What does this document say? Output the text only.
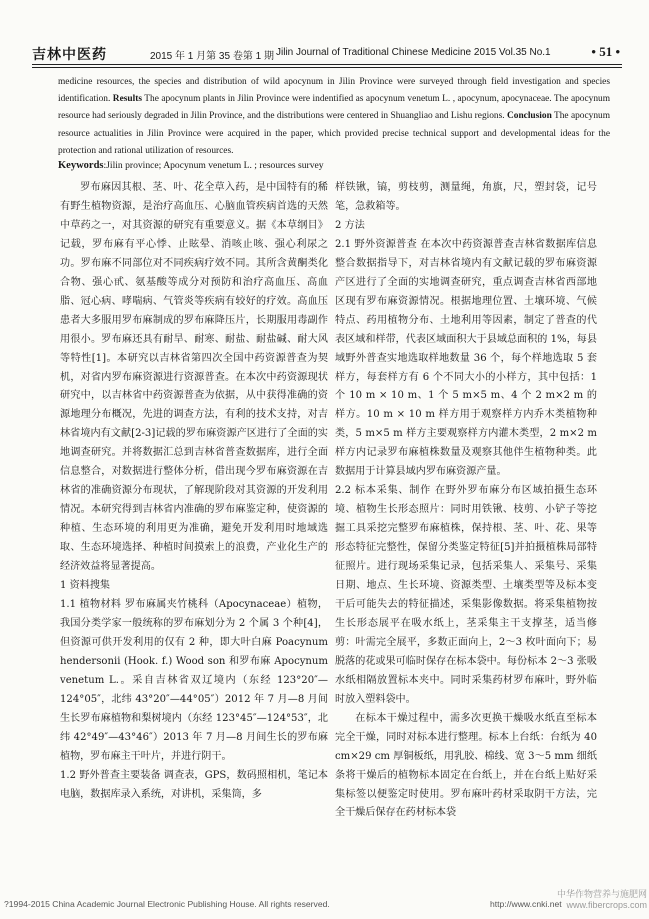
吉林中医药	2015 年 1 月第 35 卷第 1 期 Jilin Journal of Traditional Chinese Medicine 2015 Vol.35 No.1	• 51 •
medicine resources, the species and distribution of wild apocynum in Jilin Province were surveyed through field investigation and species identification. Results The apocynum plants in Jilin Province were indentified as apocynum venetum L. , apocynum, apocynaceae. The apocynum resource had seriously degraded in Jilin Province, and the distributions were centered in Shuangliao and Lishu regions. Conclusion The apocynum resource actualities in Jilin Province were acquired in the paper, which provided precise technical support and developmental ideas for the protection and rational utilization of resources.
Keywords:Jilin province; Apocynum venetum L. ; resources survey

罗布麻因其根、茎、叶、花全草入药，是中国特有的稀有野生植物资源，是治疗高血压、心脑血管疾病首选的天然中草药之一，对其资源的研究有重要意义。据《本草纲目》记载，罗布麻有平心悸、止眩晕、消咳止咳、强心利尿之功。罗布麻不同部位对不同疾病疗效不同。其所含黄酮类化合物、强心甙、氨基酸等成分对预防和治疗高血压、高血脂、冠心病、哮喘病、气管炎等疾病有较好的疗效。高血压患者大多服用罗布麻制成的罗布麻降压片，长期服用毒副作用很小。罗布麻还具有耐旱、耐寒、耐盐、耐盐碱、耐大风等特性[1]。本研究以吉林省第四次全国中药资源普查为契机，对省内罗布麻资源进行资源普查。在本次中药资源现状研究中，以吉林省中药资源普查为依据，从中获得准确的资源地理分布概况，先进的调查方法，有利的技术支持，对吉林省境内有文献[2-3]记载的罗布麻资源产区进行了全面的实地调查研究。并将数据汇总到吉林省普查数据库，进行全面信息整合，对数据进行整体分析，借出现今罗布麻资源在吉林省的准确资源分布现状，了解现阶段对其资源的开发利用情况。本研究得到吉林省内准确的罗布麻鉴定种，使资源的种植、生态环境的利用更为准确，避免开发利用时地域选取、生态环境选择、种植时间摸索上的浪费，产业化生产的经济效益将显著提高。

1 资料搜集

1.1 植物材料 罗布麻属夹竹桃科（Apocynaceae）植物，我国分类学家一般统称的罗布麻划分为 2 个属 3 个种[4]，但资源可供开发利用的仅有 2 种，即大叶白麻 Poacynum hendersonii (Hook. f.) Wood son 和罗布麻 Apocynum venetum L.。采自吉林省双辽境内（东经 123°20″—124°05″，北纬 43°20″—44°05″）2012 年 7 月—8 月间生长罗布麻植物和梨树境内（东经 123°45″—124°53″，北纬 42°49″—43°46″）2013 年 7 月—8 月间生长的罗布麻植物，罗布麻主干叶片，并进行阴干。

1.2 野外普查主要装备 调查表，GPS，数码照相机，笔记本电脑，数据库录入系统，对讲机，采集筒，多

样铁锹，镐，剪枝剪，测量绳，角旗，尺，塑封袋，记号笔，急救箱等。

2 方法

2.1 野外资源普查 在本次中药资源普查吉林省数据库信息整合数据指导下，对吉林省境内有文献记载的罗布麻资源产区进行了全面的实地调查研究，重点调查吉林省西部地区现有罗布麻资源情况。根据地理位置、土壤环境、气候特点、药用植物分布、土地利用等因素，制定了普查的代表区域和样带，代表区域面积大于县域总面积的 1%，每县域野外普查实地选取样地数量 36 个，每个样地选取 5 套样方，每套样方有 6 个不同大小的小样方，其中包括：1 个 10 m × 10 m、1 个 5 m×5 m、4 个 2 m×2 m 的样方。10 m × 10 m 样方用于观察样方内乔木类植物种类，5 m×5 m 样方主要观察样方内灌木类型，2 m×2 m 样方内记录罗布麻植株数量及观察其他伴生植物种类。此数据用于计算县域内罗布麻资源产量。

2.2 标本采集、制作 在野外罗布麻分布区域拍摄生态环境、植物生长形态照片：同时用铁锹、枝剪、小铲子等挖掘工具采挖完整罗布麻植株，保持根、茎、叶、花、果等形态特征完整性，保留分类鉴定特征[5]并拍摄植株局部特征照片。进行现场采集记录，包括采集人、采集号、采集日期、地点、生长环境、资源类型、土壤类型等及标本变干后可能失去的特征描述，采集影像数据。将采集植物按生长形态展平在吸水纸上，茎采集主干支撑茎，适当修剪：叶需完全展平，多数正面向上，2～3 枚叶面向下；易脱落的花或果可临时保存在标本袋中。每份标本 2～3 张吸水纸相隔放置标本夹中。同时采集药材罗布麻叶，野外临时放入塑料袋中。

在标本干燥过程中，需多次更换干燥吸水纸直至标本完全干燥，同时对标本进行整理。标本上台纸：台纸为 40 cm×29 cm 厚铜板纸，用乳胶、棉线、宽 3～5 mm 细纸条将干燥后的植物标本固定在台纸上，并在台纸上贴好采集标签以便鉴定时使用。罗布麻叶药材采取阴干方法，完全干燥后保存在药材标本袋

?1994-2015 China Academic Journal Electronic Publishing House. All rights reserved.	http://www.cnki.net
中华作物营养与施肥网
www.fibercrops.com
